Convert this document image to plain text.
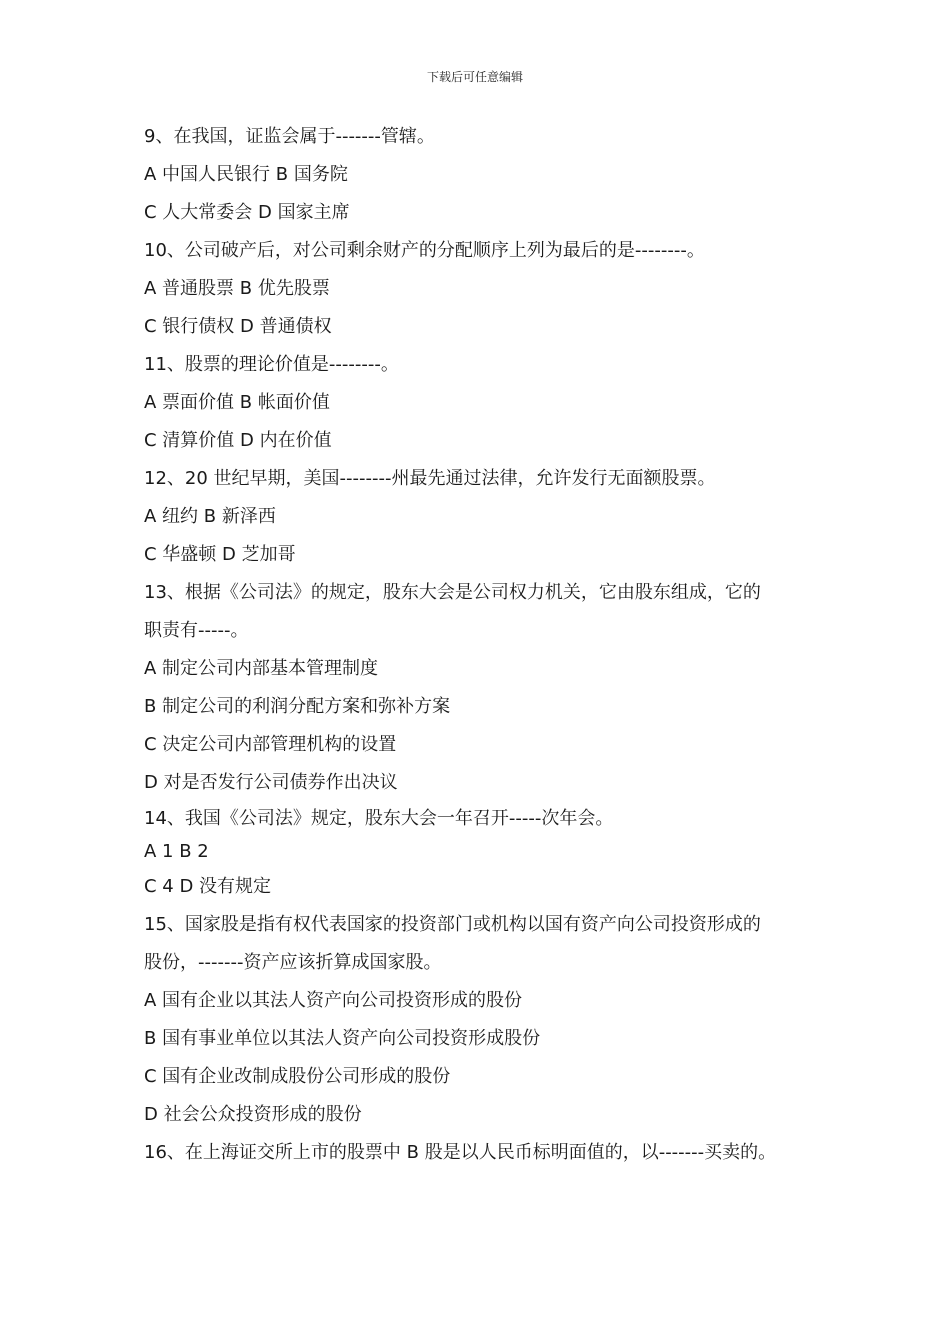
下载后可任意编辑

9、在我国，证监会属于-------管辖。

A 中国人民银行 B 国务院

C 人大常委会 D 国家主席

10、公司破产后，对公司剩余财产的分配顺序上列为最后的是--------。

A 普通股票 B 优先股票

C 银行债权 D 普通债权

11、股票的理论价值是--------。

A 票面价值 B 帐面价值

C 清算价值 D 内在价值

12、20 世纪早期，美国--------州最先通过法律，允许发行无面额股票。

A 纽约 B 新泽西

C 华盛顿 D 芝加哥

13、根据《公司法》的规定，股东大会是公司权力机关，它由股东组成，它的

职责有-----。

A 制定公司内部基本管理制度

B 制定公司的利润分配方案和弥补方案

C 决定公司内部管理机构的设置

D 对是否发行公司债券作出决议

14、我国《公司法》规定，股东大会一年召开-----次年会。

A 1 B 2

C 4 D 没有规定

15、国家股是指有权代表国家的投资部门或机构以国有资产向公司投资形成的

股份，-------资产应该折算成国家股。

A 国有企业以其法人资产向公司投资形成的股份

B 国有事业单位以其法人资产向公司投资形成股份

C 国有企业改制成股份公司形成的股份

D 社会公众投资形成的股份

16、在上海证交所上市的股票中 B 股是以人民币标明面值的，以-------买卖的。
